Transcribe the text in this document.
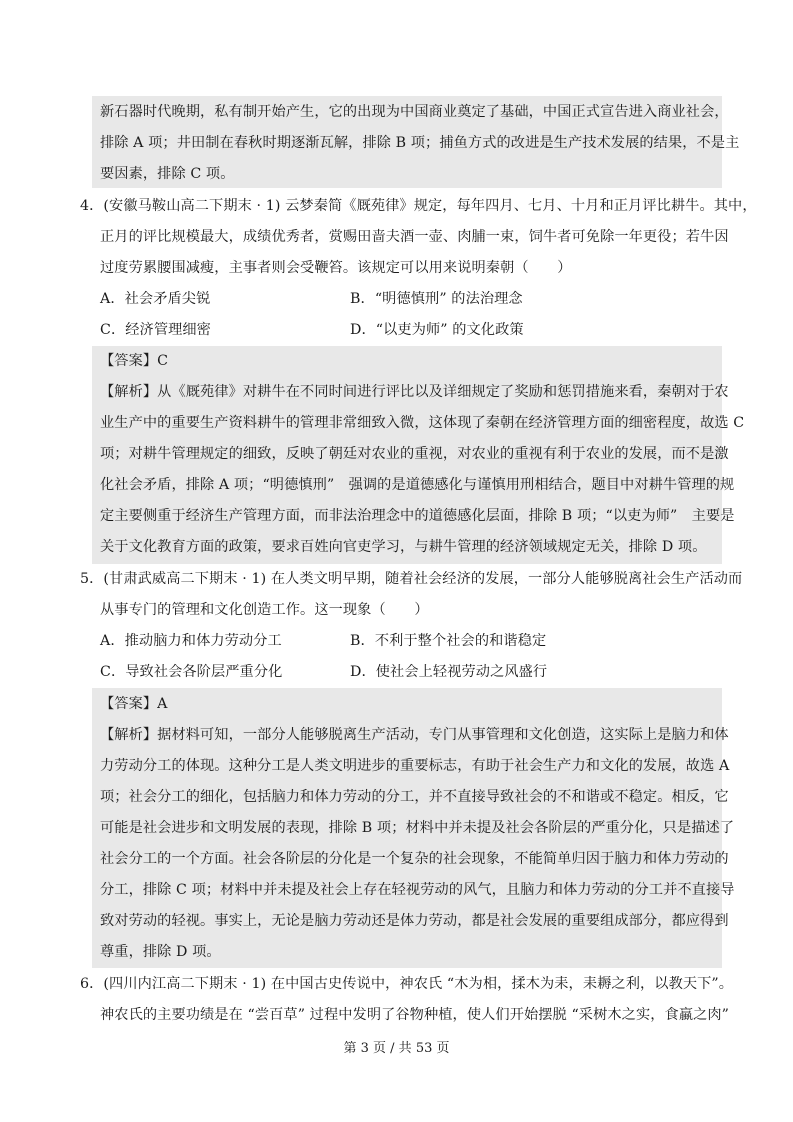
新石器时代晚期，私有制开始产生，它的出现为中国商业奠定了基础，中国正式宣告进入商业社会，
排除 A 项；井田制在春秋时期逐渐瓦解，排除 B 项；捕鱼方式的改进是生产技术发展的结果，不是主
要因素，排除 C 项。
4．(安徽马鞍山高二下期末 · 1) 云梦秦简《厩苑律》规定，每年四月、七月、十月和正月评比耕牛。其中，
正月的评比规模最大，成绩优秀者，赏赐田啬夫酒一壶、肉脯一束，饲牛者可免除一年更役；若牛因
过度劳累腰围减瘦，主事者则会受鞭笞。该规定可以用来说明秦朝（　　）
A．社会矛盾尖锐	B．“明德慎刑” 的法治理念
C．经济管理细密	D．“以吏为师” 的文化政策
【答案】C
【解析】从《厩苑律》对耕牛在不同时间进行评比以及详细规定了奖励和惩罚措施来看，秦朝对于农
业生产中的重要生产资料耕牛的管理非常细致入微，这体现了秦朝在经济管理方面的细密程度，故选 C
项；对耕牛管理规定的细致，反映了朝廷对农业的重视，对农业的重视有利于农业的发展，而不是激
化社会矛盾，排除 A 项；“明德慎刑”　强调的是道德感化与谨慎用刑相结合，题目中对耕牛管理的规
定主要侧重于经济生产管理方面，而非法治理念中的道德感化层面，排除 B 项；“以吏为师”　主要是
关于文化教育方面的政策，要求百姓向官吏学习，与耕牛管理的经济领域规定无关，排除 D 项。
5．(甘肃武威高二下期末 · 1) 在人类文明早期，随着社会经济的发展，一部分人能够脱离社会生产活动而
从事专门的管理和文化创造工作。这一现象（　　）
A．推动脑力和体力劳动分工	B．不利于整个社会的和谐稳定
C．导致社会各阶层严重分化	D．使社会上轻视劳动之风盛行
【答案】A
【解析】据材料可知，一部分人能够脱离生产活动，专门从事管理和文化创造，这实际上是脑力和体
力劳动分工的体现。这种分工是人类文明进步的重要标志，有助于社会生产力和文化的发展，故选 A
项；社会分工的细化，包括脑力和体力劳动的分工，并不直接导致社会的不和谐或不稳定。相反，它
可能是社会进步和文明发展的表现，排除 B 项；材料中并未提及社会各阶层的严重分化，只是描述了
社会分工的一个方面。社会各阶层的分化是一个复杂的社会现象，不能简单归因于脑力和体力劳动的
分工，排除 C 项；材料中并未提及社会上存在轻视劳动的风气，且脑力和体力劳动的分工并不直接导
致对劳动的轻视。事实上，无论是脑力劳动还是体力劳动，都是社会发展的重要组成部分，都应得到
尊重，排除 D 项。
6．(四川内江高二下期末 · 1) 在中国古史传说中，神农氏 “木为相，揉木为耒，耒耨之利，以教天下”。
神农氏的主要功绩是在 “尝百草” 过程中发明了谷物种植，使人们开始摆脱 “采树木之实，食蠃之肉”
第 3 页 / 共 53 页
